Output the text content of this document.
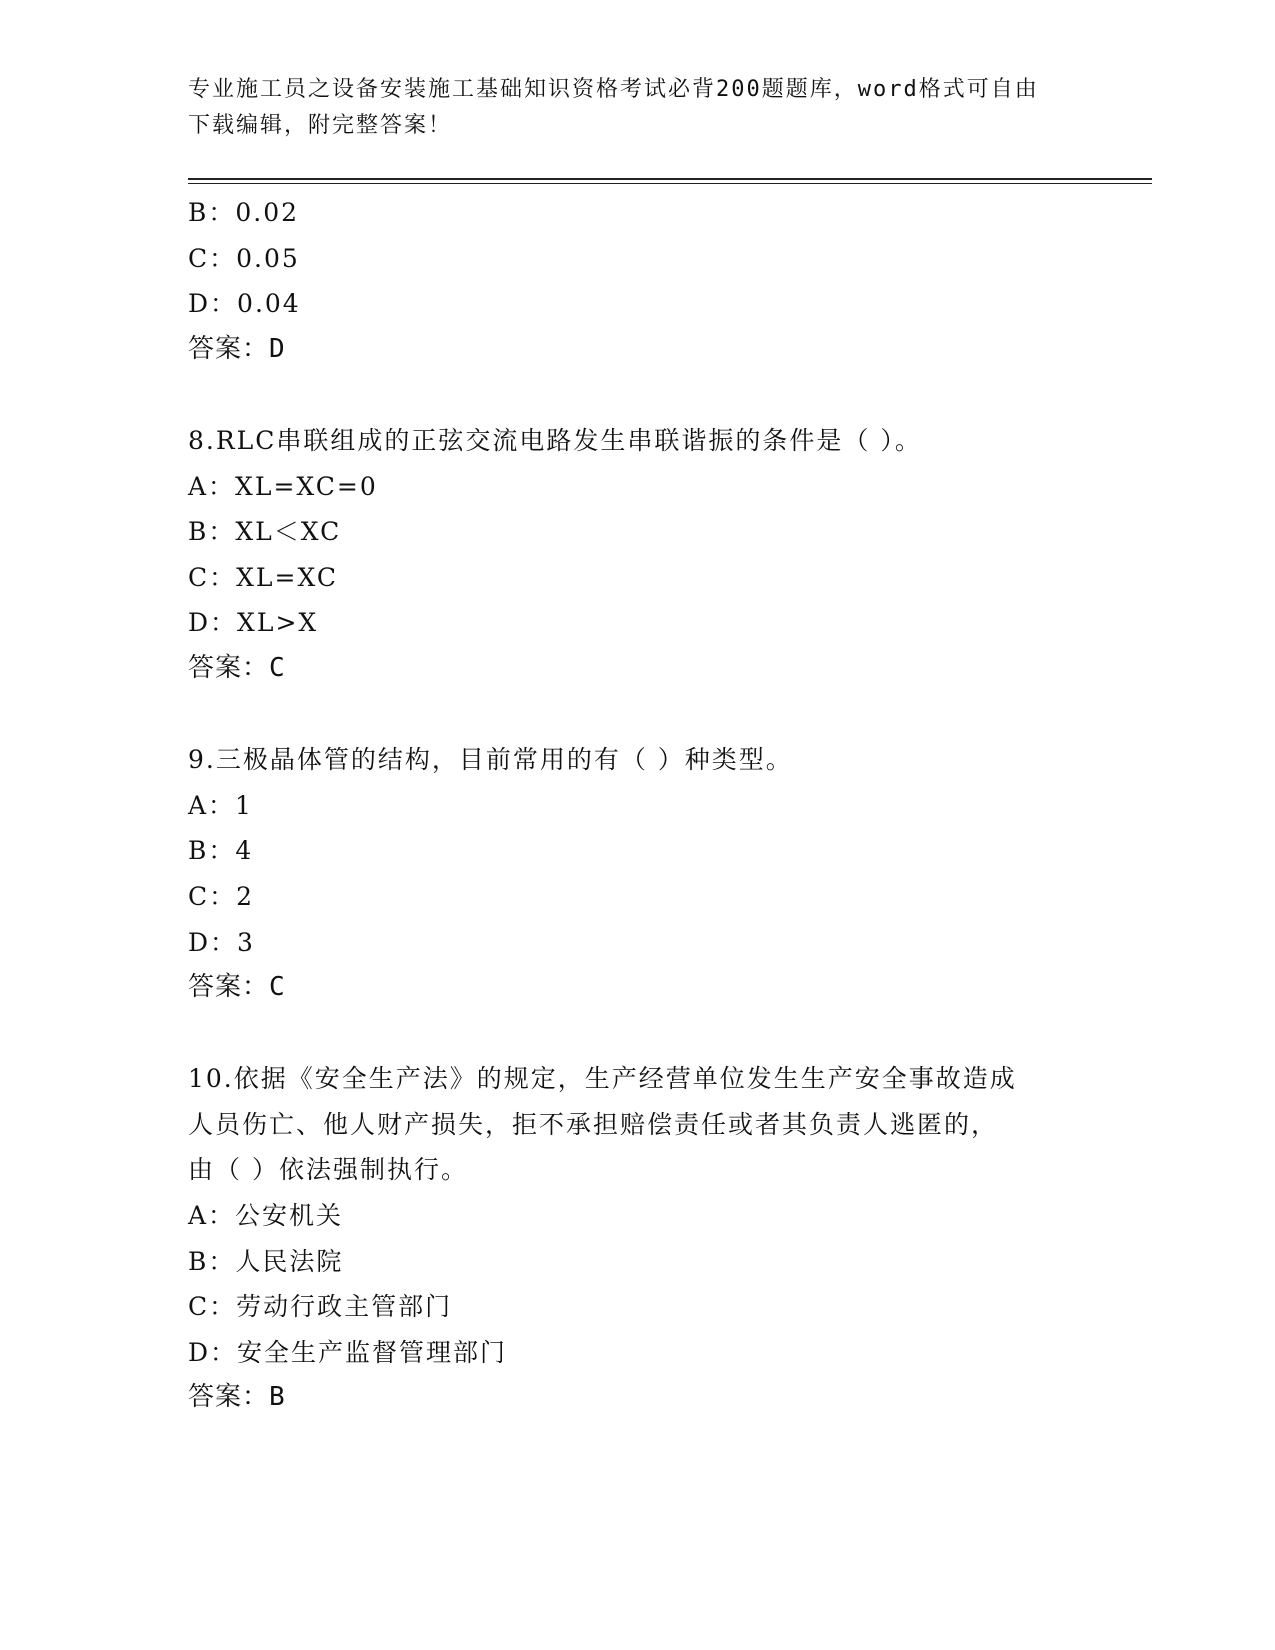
专业施工员之设备安装施工基础知识资格考试必背200题题库，word格式可自由
下载编辑，附完整答案！
B：0.02
C：0.05
D：0.04
答案：D
8.RLC串联组成的正弦交流电路发生串联谐振的条件是（ ）。
A：XL=XC=0
B：XL＜XC
C：XL=XC
D：XL>X
答案：C
9.三极晶体管的结构，目前常用的有（ ）种类型。
A：1
B：4
C：2
D：3
答案：C
10.依据《安全生产法》的规定，生产经营单位发生生产安全事故造成
人员伤亡、他人财产损失，拒不承担赔偿责任或者其负责人逃匿的，
由（ ）依法强制执行。
A：公安机关
B：人民法院
C：劳动行政主管部门
D：安全生产监督管理部门
答案：B
